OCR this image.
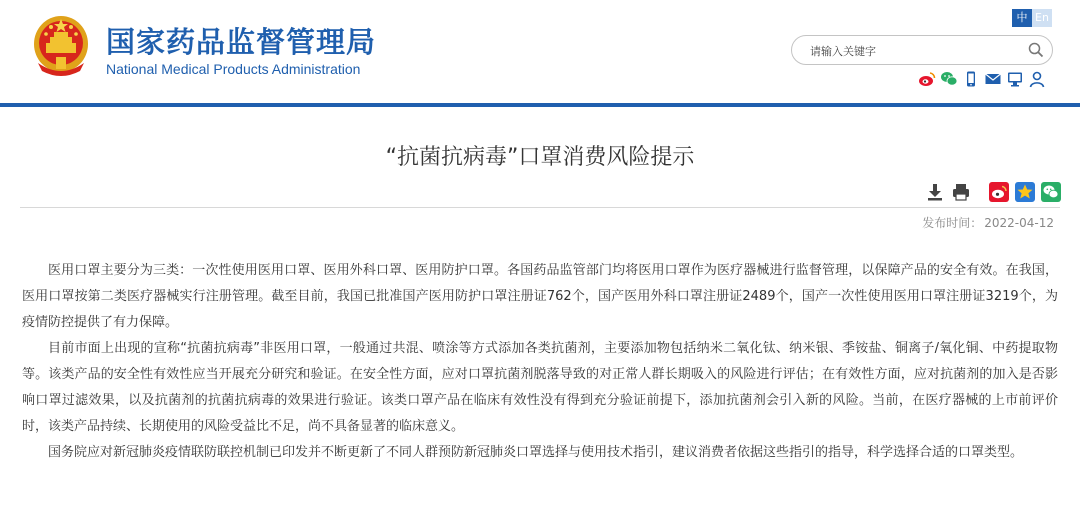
国家药品监督管理局
National Medical Products Administration
中 En
请输入关键字
“抗菌抗病毒”口罩消费风险提示
发布时间： 2022-04-12

医用口罩主要分为三类：一次性使用医用口罩、医用外科口罩、医用防护口罩。各国药品监管部门均将医用口罩作为医疗器械进行监督管理，以保障产品的安全有效。在我国，医用口罩按第二类医疗器械实行注册管理。截至目前，我国已批准国产医用防护口罩注册证762个，国产医用外科口罩注册证2489个，国产一次性使用医用口罩注册证3219个，为疫情防控提供了有力保障。

目前市面上出现的宣称“抗菌抗病毒”非医用口罩，一般通过共混、喷涂等方式添加各类抗菌剂，主要添加物包括纳米二氧化钛、纳米银、季铵盐、铜离子/氧化铜、中药提取物等。该类产品的安全性有效性应当开展充分研究和验证。在安全性方面，应对口罩抗菌剂脱落导致的对正常人群长期吸入的风险进行评估；在有效性方面，应对抗菌剂的加入是否影响口罩过滤效果，以及抗菌剂的抗菌抗病毒的效果进行验证。该类口罩产品在临床有效性没有得到充分验证前提下，添加抗菌剂会引入新的风险。当前，在医疗器械的上市前评价时，该类产品持续、长期使用的风险受益比不足，尚不具备显著的临床意义。

国务院应对新冠肺炎疫情联防联控机制已印发并不断更新了不同人群预防新冠肺炎口罩选择与使用技术指引，建议消费者依据这些指引的指导，科学选择合适的口罩类型。
